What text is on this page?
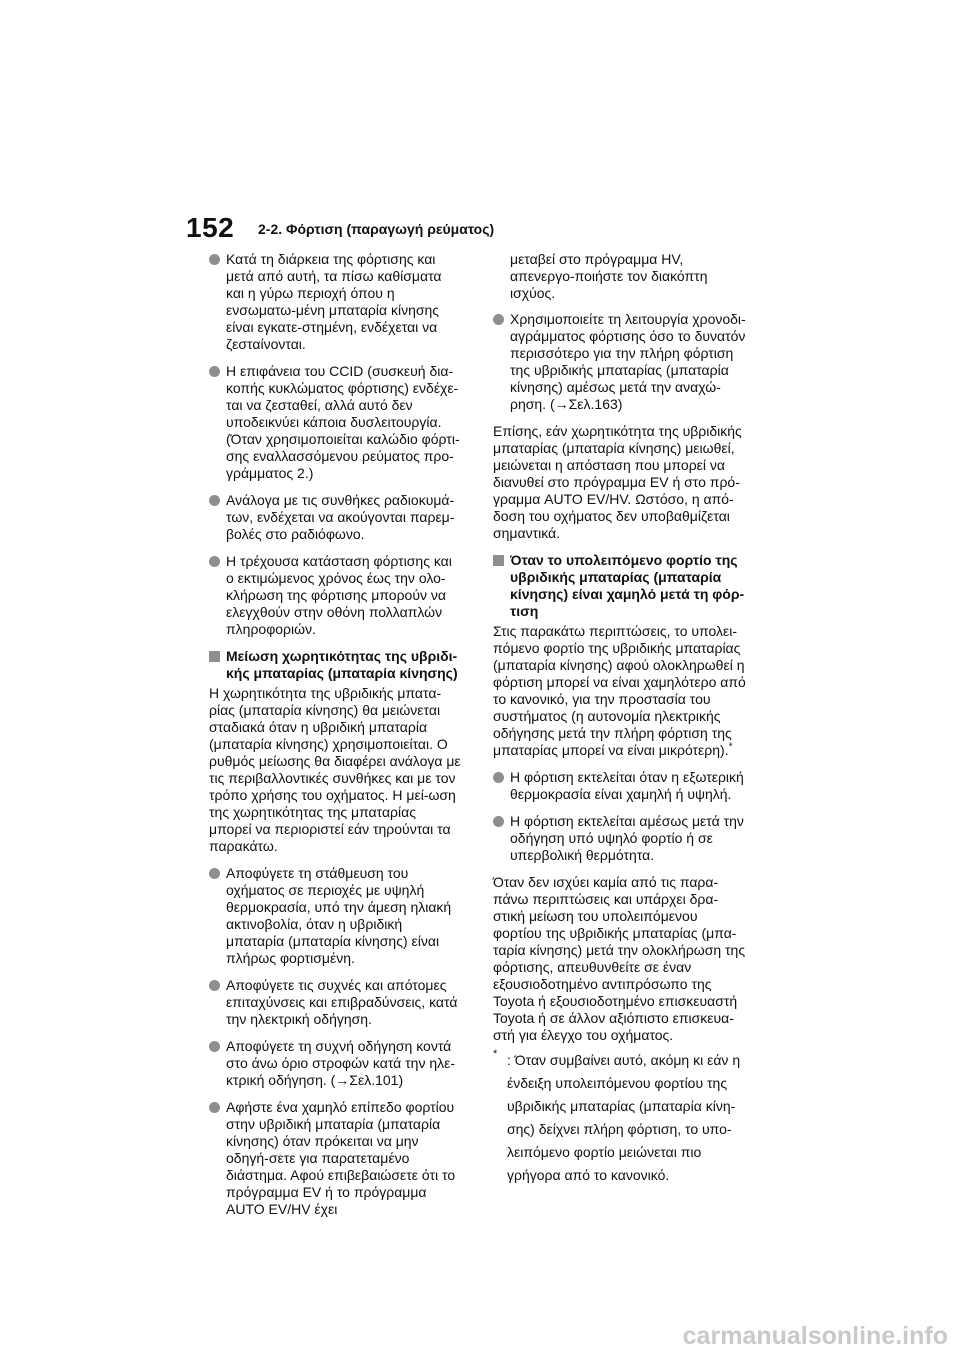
152 2-2. Φόρτιση (παραγωγή ρεύματος)
Κατά τη διάρκεια της φόρτισης και μετά από αυτή, τα πίσω καθίσματα και η γύρω περιοχή όπου η ενσωματω-μένη μπαταρία κίνησης είναι εγκατε-στημένη, ενδέχεται να ζεσταίνονται.
Η επιφάνεια του CCID (συσκευή δια-κοπής κυκλώματος φόρτισης) ενδέχε-ται να ζεσταθεί, αλλά αυτό δεν υποδεικνύει κάποια δυσλειτουργία. (Όταν χρησιμοποιείται καλώδιο φόρτι-σης εναλλασσόμενου ρεύματος προ-γράμματος 2.)
Ανάλογα με τις συνθήκες ραδιοκυμά-των, ενδέχεται να ακούγονται παρεμ-βολές στο ραδιόφωνο.
Η τρέχουσα κατάσταση φόρτισης και ο εκτιμώμενος χρόνος έως την ολο-κλήρωση της φόρτισης μπορούν να ελεγχθούν στην οθόνη πολλαπλών πληροφοριών.
Μείωση χωρητικότητας της υβριδι-κής μπαταρίας (μπαταρία κίνησης)
Η χωρητικότητα της υβριδικής μπατα-ρίας (μπαταρία κίνησης) θα μειώνεται σταδιακά όταν η υβριδική μπαταρία (μπαταρία κίνησης) χρησιμοποιείται. Ο ρυθμός μείωσης θα διαφέρει ανάλογα με τις περιβαλλοντικές συνθήκες και με τον τρόπο χρήσης του οχήματος. Η μεί-ωση της χωρητικότητας της μπαταρίας μπορεί να περιοριστεί εάν τηρούνται τα παρακάτω.
Αποφύγετε τη στάθμευση του οχήματος σε περιοχές με υψηλή θερμοκρασία, υπό την άμεση ηλιακή ακτινοβολία, όταν η υβριδική μπαταρία (μπαταρία κίνησης) είναι πλήρως φορτισμένη.
Αποφύγετε τις συχνές και απότομες επιταχύνσεις και επιβραδύνσεις, κατά την ηλεκτρική οδήγηση.
Αποφύγετε τη συχνή οδήγηση κοντά στο άνω όριο στροφών κατά την ηλε-κτρική οδήγηση. (→Σελ.101)
Αφήστε ένα χαμηλό επίπεδο φορτίου στην υβριδική μπαταρία (μπαταρία κίνησης) όταν πρόκειται να μην οδηγή-σετε για παρατεταμένο διάστημα. Αφού επιβεβαιώσετε ότι το πρόγραμμα EV ή το πρόγραμμα AUTO EV/HV έχει
μεταβεί στο πρόγραμμα HV, απενεργο-ποιήστε τον διακόπτη ισχύος.
Χρησιμοποιείτε τη λειτουργία χρονοδι-αγράμματος φόρτισης όσο το δυνατόν περισσότερο για την πλήρη φόρτιση της υβριδικής μπαταρίας (μπαταρία κίνησης) αμέσως μετά την αναχώ-ρηση. (→Σελ.163)
Επίσης, εάν χωρητικότητα της υβριδικής μπαταρίας (μπαταρία κίνησης) μειωθεί, μειώνεται η απόσταση που μπορεί να διανυθεί στο πρόγραμμα EV ή στο πρό-γραμμα AUTO EV/HV. Ωστόσο, η από-δοση του οχήματος δεν υποβαθμίζεται σημαντικά.
Όταν το υπολειπόμενο φορτίο της υβριδικής μπαταρίας (μπαταρία κίνησης) είναι χαμηλό μετά τη φόρ-τιση
Στις παρακάτω περιπτώσεις, το υπολει-πόμενο φορτίο της υβριδικής μπαταρίας (μπαταρία κίνησης) αφού ολοκληρωθεί η φόρτιση μπορεί να είναι χαμηλότερο από το κανονικό, για την προστασία του συστήματος (η αυτονομία ηλεκτρικής οδήγησης μετά την πλήρη φόρτιση της μπαταρίας μπορεί να είναι μικρότερη).*
Η φόρτιση εκτελείται όταν η εξωτερική θερμοκρασία είναι χαμηλή ή υψηλή.
Η φόρτιση εκτελείται αμέσως μετά την οδήγηση υπό υψηλό φορτίο ή σε υπερβολική θερμότητα.
Όταν δεν ισχύει καμία από τις παρα-πάνω περιπτώσεις και υπάρχει δρα-στική μείωση του υπολειπόμενου φορτίου της υβριδικής μπαταρίας (μπα-ταρία κίνησης) μετά την ολοκλήρωση της φόρτισης, απευθυνθείτε σε έναν εξουσιοδοτημένο αντιπρόσωπο της Toyota ή εξουσιοδοτημένο επισκευαστή Toyota ή σε άλλον αξιόπιστο επισκευα-στή για έλεγχο του οχήματος.
* : Όταν συμβαίνει αυτό, ακόμη κι εάν η ένδειξη υπολειπόμενου φορτίου της υβριδικής μπαταρίας (μπαταρία κίνη-σης) δείχνει πλήρη φόρτιση, το υπο-λειπόμενο φορτίο μειώνεται πιο γρήγορα από το κανονικό.
carmanualsonline.info
